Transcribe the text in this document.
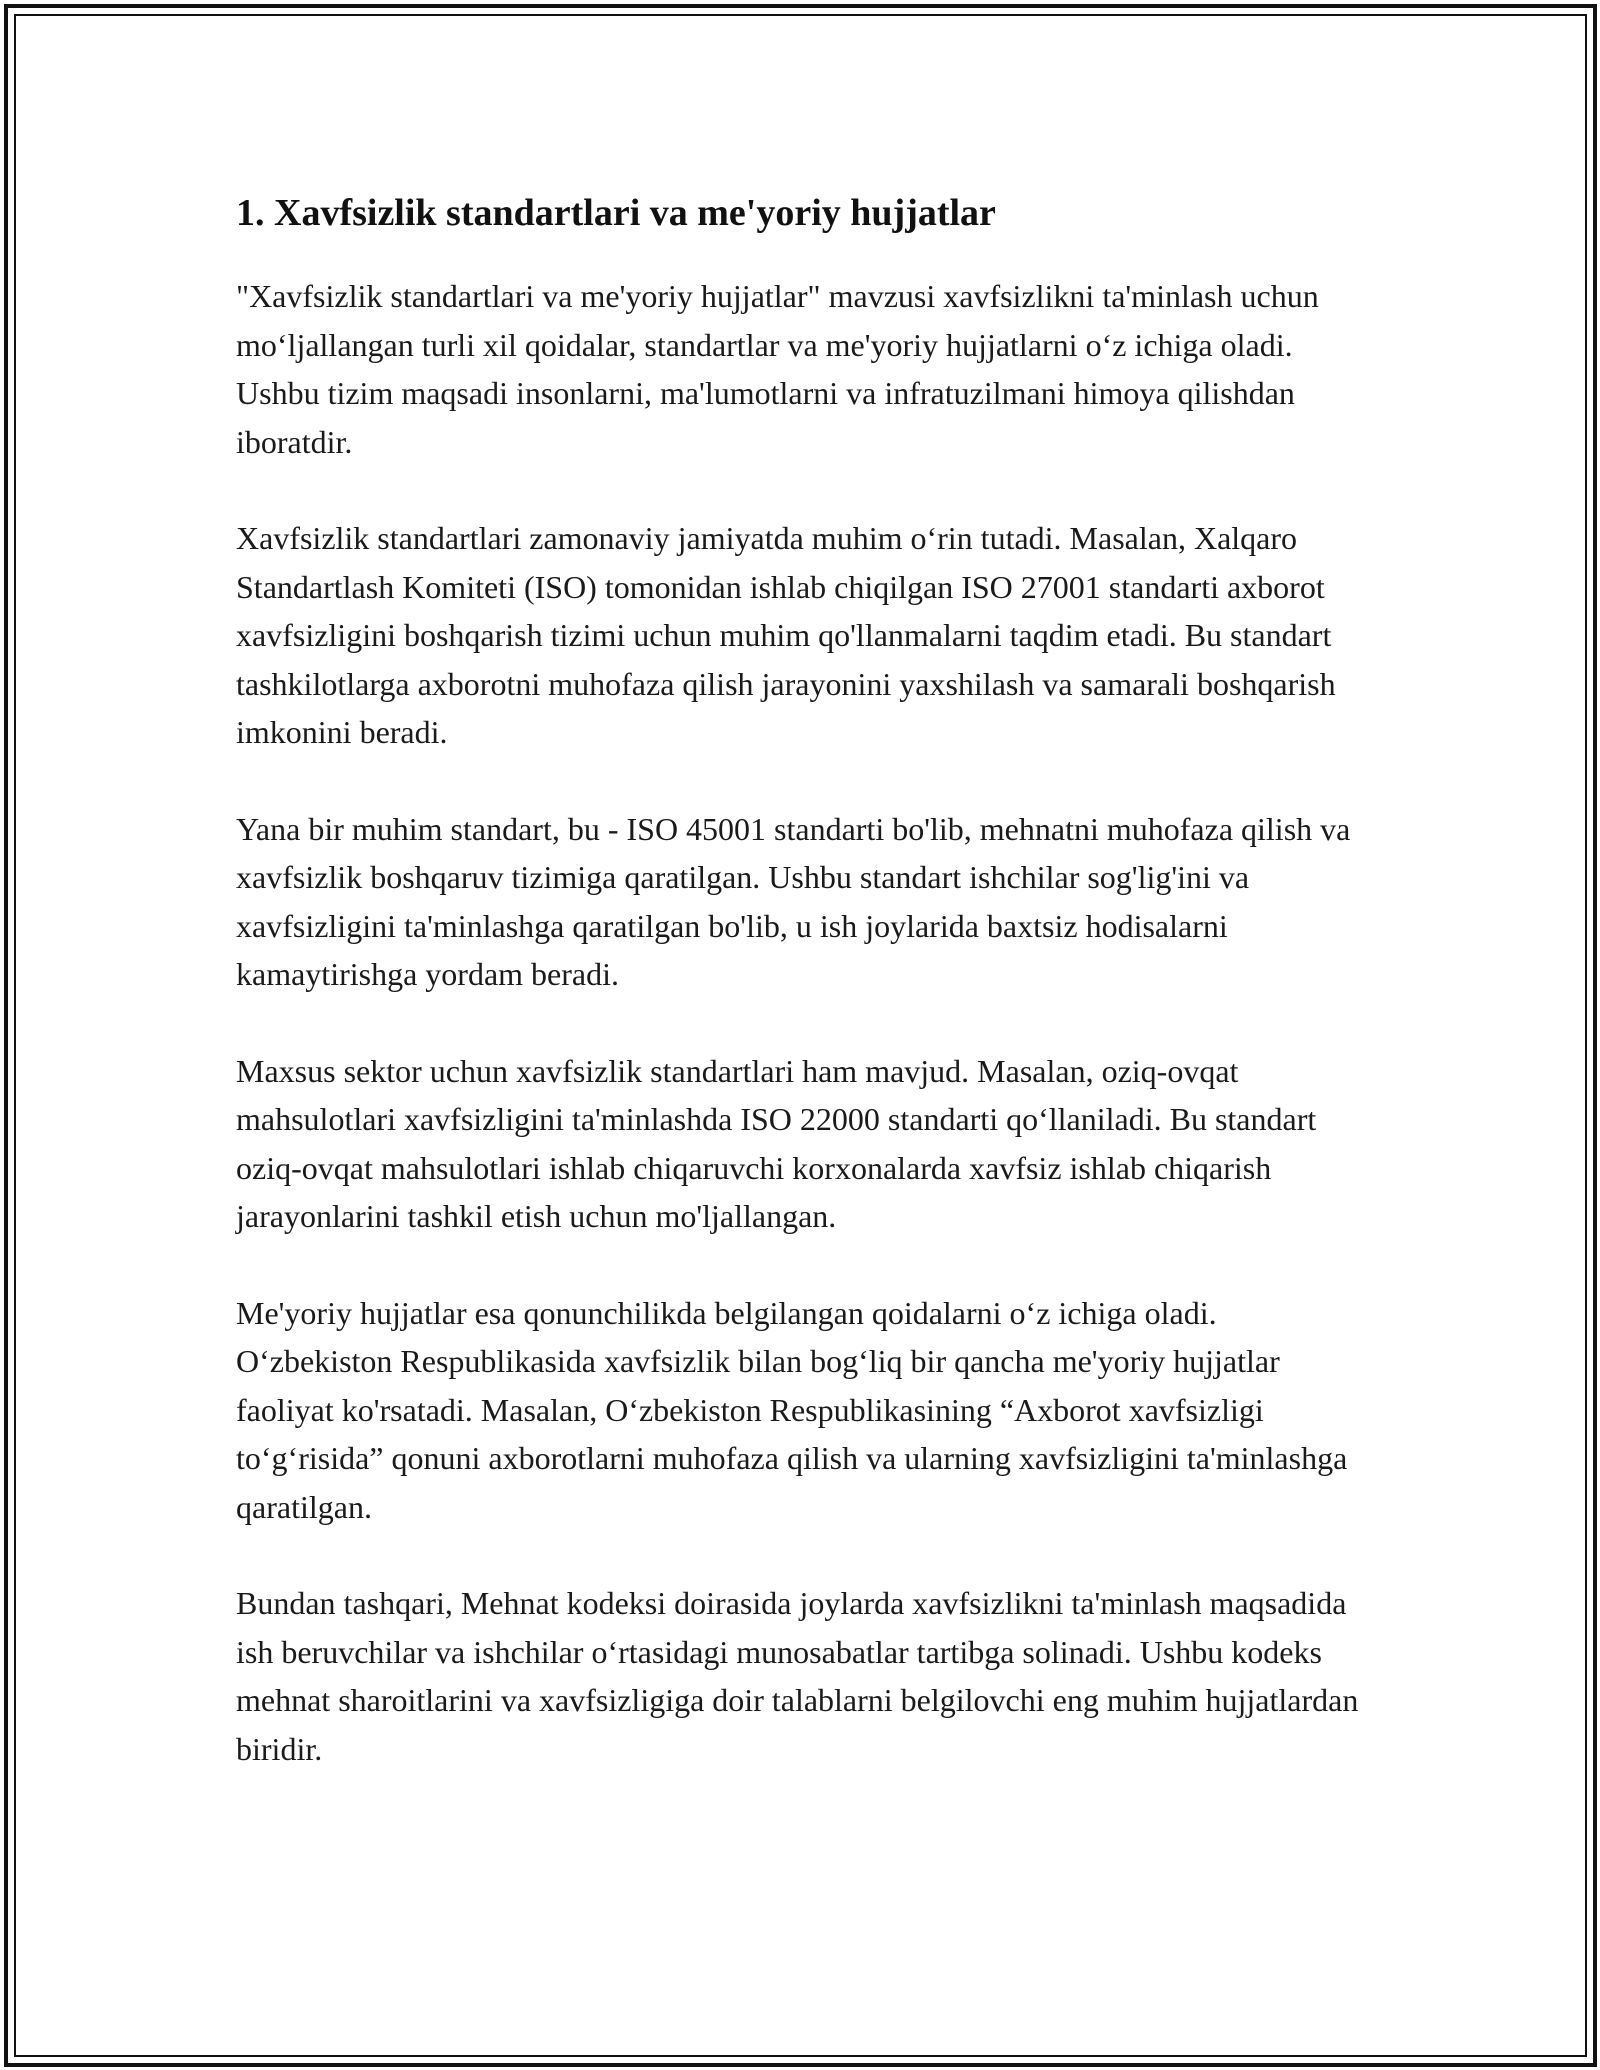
1. Xavfsizlik standartlari va me'yoriy hujjatlar

"Xavfsizlik standartlari va me'yoriy hujjatlar" mavzusi xavfsizlikni ta'minlash uchun moʻljallangan turli xil qoidalar, standartlar va me'yoriy hujjatlarni oʻz ichiga oladi. Ushbu tizim maqsadi insonlarni, ma'lumotlarni va infratuzilmani himoya qilishdan iboratdir.

Xavfsizlik standartlari zamonaviy jamiyatda muhim oʻrin tutadi. Masalan, Xalqaro Standartlash Komiteti (ISO) tomonidan ishlab chiqilgan ISO 27001 standarti axborot xavfsizligini boshqarish tizimi uchun muhim qo'llanmalarni taqdim etadi. Bu standart tashkilotlarga axborotni muhofaza qilish jarayonini yaxshilash va samarali boshqarish imkonini beradi.

Yana bir muhim standart, bu - ISO 45001 standarti bo'lib, mehnatni muhofaza qilish va xavfsizlik boshqaruv tizimiga qaratilgan. Ushbu standart ishchilar sog'lig'ini va xavfsizligini ta'minlashga qaratilgan bo'lib, u ish joylarida baxtsiz hodisalarni kamaytirishga yordam beradi.

Maxsus sektor uchun xavfsizlik standartlari ham mavjud. Masalan, oziq-ovqat mahsulotlari xavfsizligini ta'minlashda ISO 22000 standarti qoʻllaniladi. Bu standart oziq-ovqat mahsulotlari ishlab chiqaruvchi korxonalarda xavfsiz ishlab chiqarish jarayonlarini tashkil etish uchun mo'ljallangan.

Me'yoriy hujjatlar esa qonunchilikda belgilangan qoidalarni oʻz ichiga oladi. Oʻzbekiston Respublikasida xavfsizlik bilan bogʻliq bir qancha me'yoriy hujjatlar faoliyat ko'rsatadi. Masalan, Oʻzbekiston Respublikasining “Axborot xavfsizligi toʻgʻrisida” qonuni axborotlarni muhofaza qilish va ularning xavfsizligini ta'minlashga qaratilgan.

Bundan tashqari, Mehnat kodeksi doirasida joylarda xavfsizlikni ta'minlash maqsadida ish beruvchilar va ishchilar oʻrtasidagi munosabatlar tartibga solinadi. Ushbu kodeks mehnat sharoitlarini va xavfsizligiga doir talablarni belgilovchi eng muhim hujjatlardan biridir.
